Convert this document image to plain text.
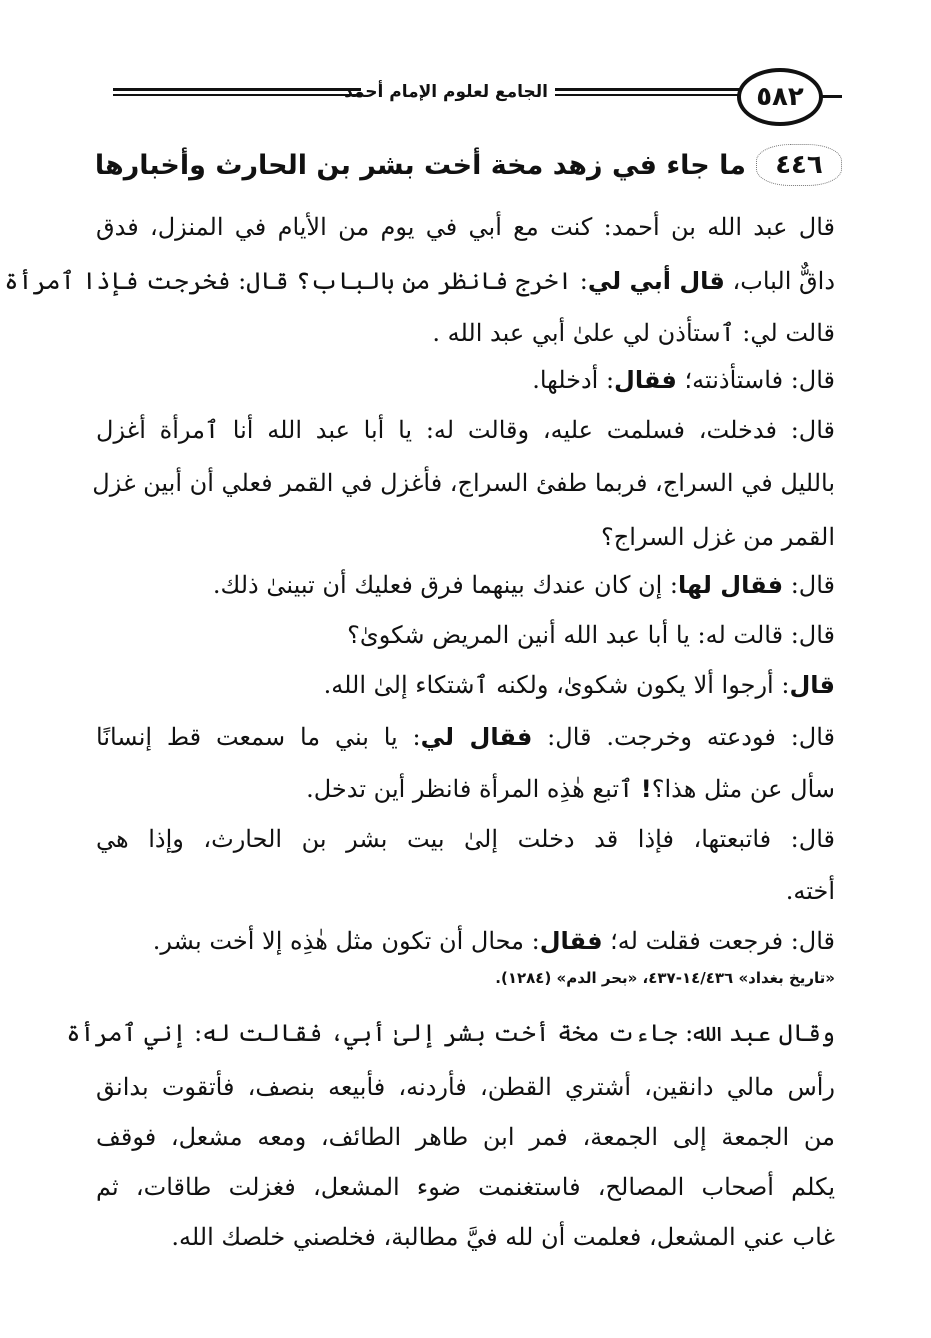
الجامع لعلوم الإمام أحمد	٥٨٢
٤٤٦
ما جاء في زهد مخة أخت بشر بن الحارث وأخبارها
قال عبد الله بن أحمد: كنت مع أبي في يوم من الأيام في المنزل، فدق
داقٌّ الباب، قال أبي لي: اخرج فانظر من بالباب؟ قال: فخرجت فإذا ٱمرأة
قالت لي: ٱستأذن لي علىٰ أبي عبد الله .
قال: فاستأذنته؛ فقال: أدخلها.
قال: فدخلت، فسلمت عليه، وقالت له: يا أبا عبد الله أنا ٱمرأة أغزل
بالليل في السراج، فربما طفئ السراج، فأغزل في القمر فعلي أن أبين غزل
القمر من غزل السراج؟
قال: فقال لها: إن كان عندك بينهما فرق فعليك أن تبينىٰ ذلك.
قال: قالت له: يا أبا عبد الله أنين المريض شكوىٰ؟
قال: أرجوا ألا يكون شكوىٰ، ولكنه ٱشتكاء إلىٰ الله.
قال: فودعته وخرجت. قال: فقال لي: يا بني ما سمعت قط إنسانًا
سأل عن مثل هذا؟! ٱتبع هٰذِه المرأة فانظر أين تدخل.
قال: فاتبعتها، فإذا قد دخلت إلىٰ بيت بشر بن الحارث، وإذا هي
أخته.
قال: فرجعت فقلت له؛ فقال: محال أن تكون مثل هٰذِه إلا أخت بشر.
«تاريخ بغداد» ١٤/٤٣٦-٤٣٧، «بحر الدم» (١٢٨٤).
وقال عبد الله: جاءت مخة أخت بشر إلىٰ أبي، فقالت له: إني ٱمرأة
رأس مالي دانقين، أشتري القطن، فأردنه، فأبيعه بنصف، فأتقوت بدانق
من الجمعة إلى الجمعة، فمر ابن طاهر الطائف، ومعه مشعل، فوقف
يكلم أصحاب المصالح، فاستغنمت ضوء المشعل، فغزلت طاقات، ثم
غاب عني المشعل، فعلمت أن لله فيَّ مطالبة، فخلصني خلصك الله.
